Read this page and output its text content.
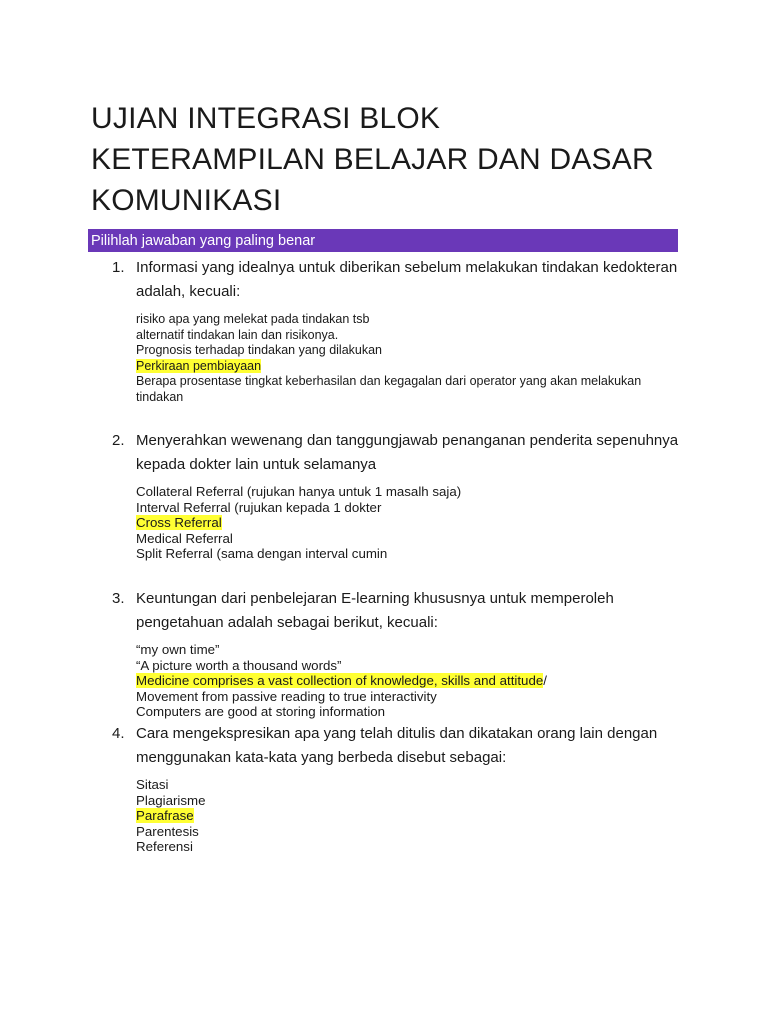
UJIAN INTEGRASI BLOK
KETERAMPILAN BELAJAR DAN DASAR
KOMUNIKASI
Pilihlah jawaban yang paling benar
1. Informasi yang idealnya untuk diberikan sebelum melakukan tindakan kedokteran adalah, kecuali:
risiko apa yang melekat pada tindakan tsb
alternatif tindakan lain dan risikonya.
Prognosis terhadap tindakan yang dilakukan
Perkiraan pembiayaan
Berapa prosentase tingkat keberhasilan dan kegagalan dari operator yang akan melakukan tindakan
2. Menyerahkan wewenang dan tanggungjawab penanganan penderita sepenuhnya kepada dokter lain untuk selamanya
Collateral Referral (rujukan hanya untuk 1 masalh saja)
Interval Referral (rujukan kepada 1 dokter
Cross Referral
Medical Referral
Split Referral (sama dengan interval cumin
3. Keuntungan dari penbelejaran E-learning khususnya untuk memperoleh pengetahuan adalah sebagai berikut, kecuali:
“my own time”
“A picture worth a thousand words”
Medicine comprises a vast collection of knowledge, skills and attitude/
Movement from passive reading to true interactivity
Computers are good at storing information
4. Cara mengekspresikan apa yang telah ditulis dan dikatakan orang lain dengan menggunakan kata-kata yang berbeda disebut sebagai:
Sitasi
Plagiarisme
Parafrase
Parentesis
Referensi
